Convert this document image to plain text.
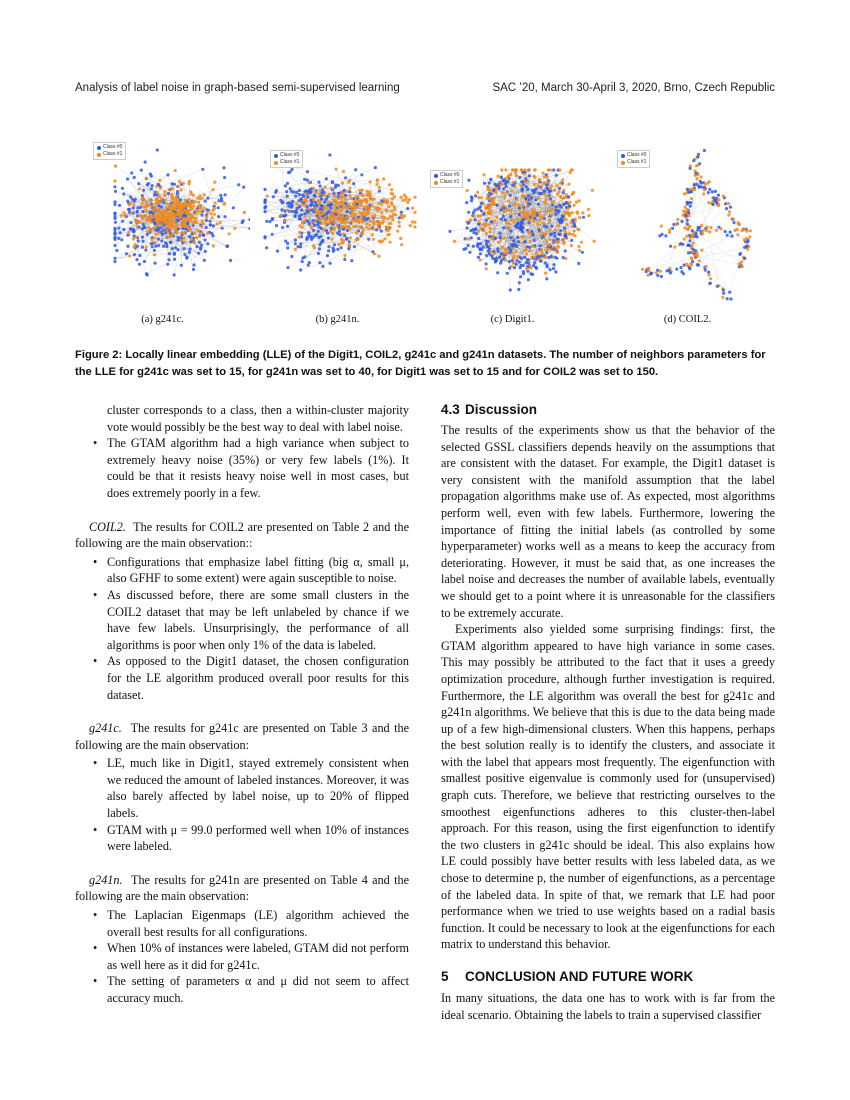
Analysis of label noise in graph-based semi-supervised learning	SAC ’20, March 30-April 3, 2020, Brno, Czech Republic
Class #0
Class #1
(a) g241c.
Class #0
Class #1
(b) g241n.
Class #0
Class #1
(c) Digit1.
Class #0
Class #1
(d) COIL2.
Figure 2: Locally linear embedding (LLE) of the Digit1, COIL2, g241c and g241n datasets. The number of neighbors parameters for the LLE for g241c was set to 15, for g241n was set to 40, for Digit1 was set to 15 and for COIL2 was set to 150.

cluster corresponds to a class, then a within-cluster majority vote would possibly be the best way to deal with label noise.

• The GTAM algorithm had a high variance when subject to extremely heavy noise (35%) or very few labels (1%). It could be that it resists heavy noise well in most cases, but does extremely poorly in a few.

COIL2. The results for COIL2 are presented on Table 2 and the following are the main observation::

• Configurations that emphasize label fitting (big α, small μ, also GFHF to some extent) were again susceptible to noise.
• As discussed before, there are some small clusters in the COIL2 dataset that may be left unlabeled by chance if we have few labels. Unsurprisingly, the performance of all algorithms is poor when only 1% of the data is labeled.
• As opposed to the Digit1 dataset, the chosen configuration for the LE algorithm produced overall poor results for this dataset.

g241c. The results for g241c are presented on Table 3 and the following are the main observation:

• LE, much like in Digit1, stayed extremely consistent when we reduced the amount of labeled instances. Moreover, it was also barely affected by label noise, up to 20% of flipped labels.
• GTAM with μ = 99.0 performed well when 10% of instances were labeled.

g241n. The results for g241n are presented on Table 4 and the following are the main observation:

• The Laplacian Eigenmaps (LE) algorithm achieved the overall best results for all configurations.
• When 10% of instances were labeled, GTAM did not perform as well here as it did for g241c.
• The setting of parameters α and μ did not seem to affect accuracy much.
4.3 Discussion

The results of the experiments show us that the behavior of the selected GSSL classifiers depends heavily on the assumptions that are consistent with the dataset. For example, the Digit1 dataset is very consistent with the manifold assumption that the label propagation algorithms make use of. As expected, most algorithms perform well, even with few labels. Furthermore, lowering the importance of fitting the initial labels (as controlled by some hyperparameter) works well as a means to keep the accuracy from deteriorating. However, it must be said that, as one increases the label noise and decreases the number of available labels, eventually we should get to a point where it is unreasonable for the classifiers to be extremely accurate.

Experiments also yielded some surprising findings: first, the GTAM algorithm appeared to have high variance in some cases. This may possibly be attributed to the fact that it uses a greedy optimization procedure, although further investigation is required. Furthermore, the LE algorithm was overall the best for g241c and g241n algorithms. We believe that this is due to the data being made up of a few high-dimensional clusters. When this happens, perhaps the best solution really is to identify the clusters, and associate it with the label that appears most frequently. The eigenfunction with smallest positive eigenvalue is commonly used for (unsupervised) graph cuts. Therefore, we believe that restricting ourselves to the smoothest eigenfunctions adheres to this cluster-then-label approach. For this reason, using the first eigenfunction to identify the two clusters in g241c should be ideal. This also explains how LE could possibly have better results with less labeled data, as we chose to determine p, the number of eigenfunctions, as a percentage of the labeled data. In spite of that, we remark that LE had poor performance when we tried to use weights based on a radial basis function. It could be necessary to look at the eigenfunctions for each matrix to understand this behavior.

5 CONCLUSION AND FUTURE WORK

In many situations, the data one has to work with is far from the ideal scenario. Obtaining the labels to train a supervised classifier
